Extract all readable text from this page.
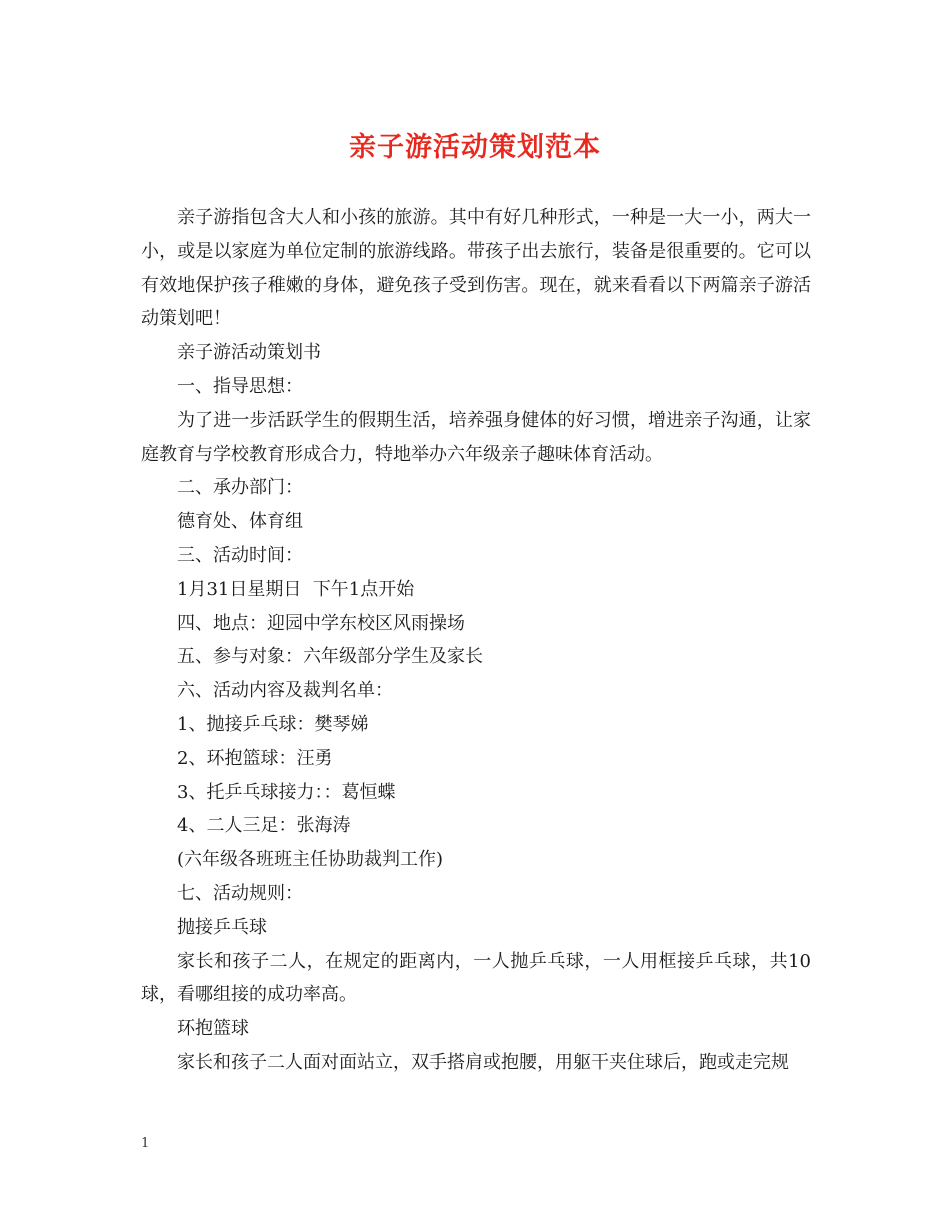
亲子游活动策划范本

亲子游指包含大人和小孩的旅游。其中有好几种形式，一种是一大一小，两大一小，或是以家庭为单位定制的旅游线路。带孩子出去旅行，装备是很重要的。它可以有效地保护孩子稚嫩的身体，避免孩子受到伤害。现在，就来看看以下两篇亲子游活动策划吧！

亲子游活动策划书

一、指导思想：

为了进一步活跃学生的假期生活，培养强身健体的好习惯，增进亲子沟通，让家庭教育与学校教育形成合力，特地举办六年级亲子趣味体育活动。

二、承办部门：

德育处、体育组

三、活动时间：

1月31日星期日  下午1点开始

四、地点：迎园中学东校区风雨操场

五、参与对象：六年级部分学生及家长

六、活动内容及裁判名单：

1、抛接乒乓球：樊琴娣

2、环抱篮球：汪勇

3、托乒乓球接力：：葛恒蝶

4、二人三足：张海涛

(六年级各班班主任协助裁判工作)

七、活动规则：

抛接乒乓球

家长和孩子二人，在规定的距离内，一人抛乒乓球，一人用框接乒乓球，共10球，看哪组接的成功率高。

环抱篮球

家长和孩子二人面对面站立，双手搭肩或抱腰，用躯干夹住球后，跑或走完规

1
